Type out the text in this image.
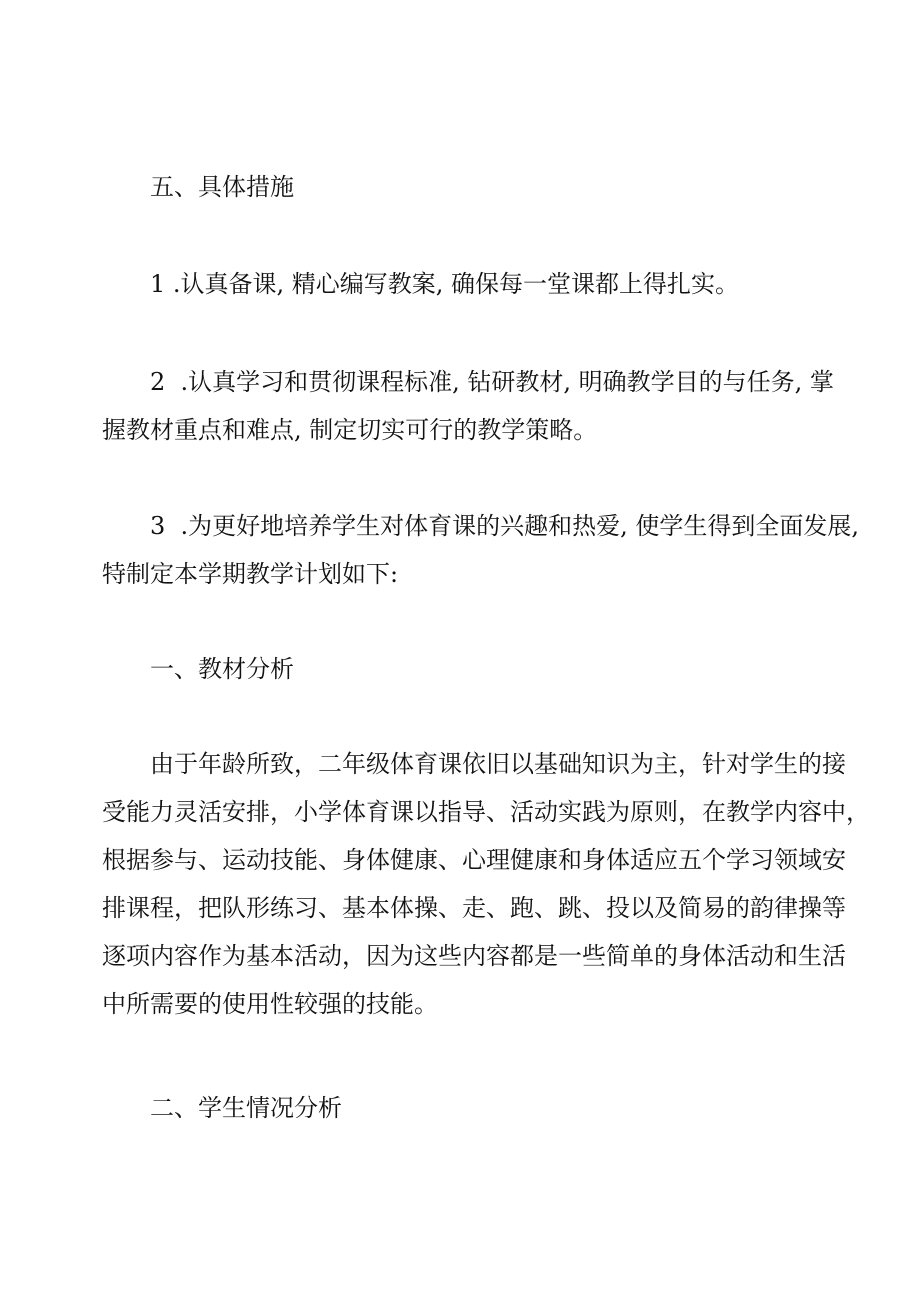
五、具体措施

1 .认真备课, 精心编写教案, 确保每一堂课都上得扎实。

2  .认真学习和贯彻课程标准, 钻研教材, 明确教学目的与任务, 掌

握教材重点和难点, 制定切实可行的教学策略。

3  .为更好地培养学生对体育课的兴趣和热爱, 使学生得到全面发展,

特制定本学期教学计划如下:

一、教材分析

由于年龄所致，二年级体育课依旧以基础知识为主，针对学生的接

受能力灵活安排，小学体育课以指导、活动实践为原则，在教学内容中，

根据参与、运动技能、身体健康、心理健康和身体适应五个学习领域安

排课程，把队形练习、基本体操、走、跑、跳、投以及简易的韵律操等

逐项内容作为基本活动，因为这些内容都是一些简单的身体活动和生活

中所需要的使用性较强的技能。

二、学生情况分析
